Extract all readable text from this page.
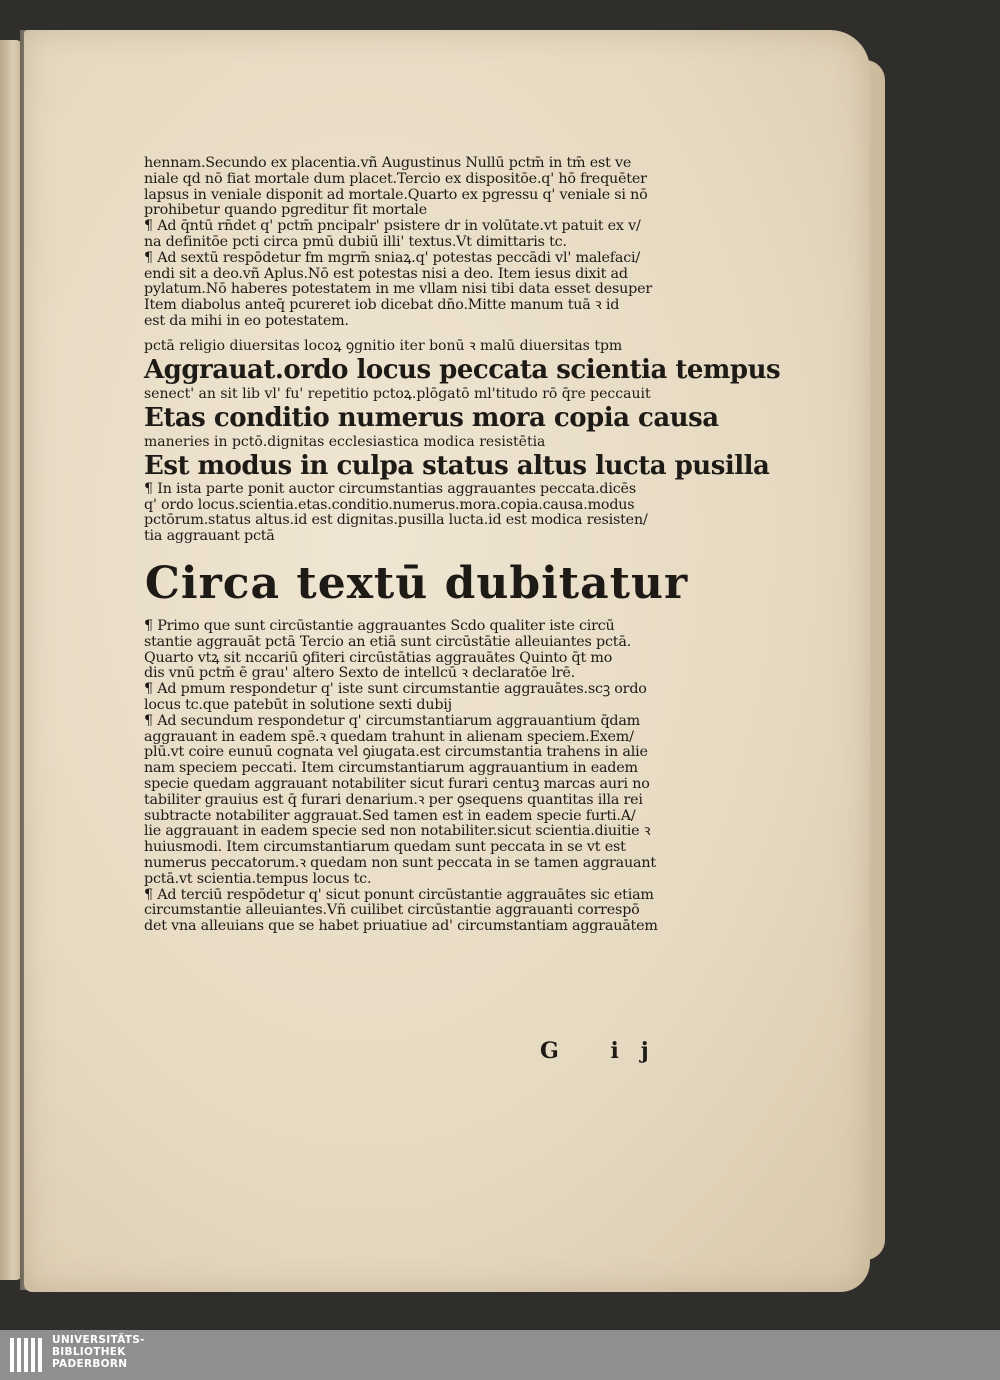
hennam.Secundo ex placentia.vñ Augustinus Nullū pctm̄ in tm̄ est ve
niale qd nō fiat mortale dum placet.Tercio ex dispositōe.q' hō frequēter
lapsus in veniale disponit ad mortale.Quarto ex pgressu q' veniale si nō
prohibetur quando pgreditur fit mortale
¶ Ad q̄ntū rn̄det q' pctm̄ pncipalr' psistere dr in volūtate.vt patuit ex v/
na definitōe pcti circa pmū dubiū illi' textus.Vt dimittaris tc.
¶ Ad sextū respōdetur fm mgrm̄ sniaꝝ.q' potestas peccādi vl' malefaci/
endi sit a deo.vñ Aplus.Nō est potestas nisi a deo. Item iesus dixit ad
pylatum.Nō haberes potestatem in me vllam nisi tibi data esset desuper
Item diabolus anteq̄ pcureret iob dicebat dn̄o.Mitte manum tuā ꝛ id
est da mihi in eo potestatem.
pctā religio diuersitas locoꝝ ꝯgnitio iter bonū ꝛ malū diuersitas tpm
Aggrauat.ordo locus peccata scientia tempus
senect' an sit lib vl' fu' repetitio pctoꝝ.plōgatō ml'titudo rō q̄re peccauit
Etas conditio numerus mora copia causa
maneries in pctō.dignitas ecclesiastica modica resistētia
Est modus in culpa status altus lucta pusilla
¶ In ista parte ponit auctor circumstantias aggrauantes peccata.dicēs
q' ordo locus.scientia.etas.conditio.numerus.mora.copia.causa.modus
pctōrum.status altus.id est dignitas.pusilla lucta.id est modica resisten/
tia aggrauant pctā
Circa textū dubitatur
¶ Primo que sunt circūstantie aggrauantes Scdo qualiter iste circū
stantie aggrauāt pctā Tercio an etiā sunt circūstātie alleuiantes pctā.
Quarto vtꝝ sit nccariū ꝯfiteri circūstātias aggrauātes Quinto q̄t mo
dis vnū pctm̄ ē grau' altero Sexto de intellcū ꝛ declaratōe lrē.
¶ Ad pmum respondetur q' iste sunt circumstantie aggrauātes.scꝫ ordo
locus tc.que patebūt in solutione sexti dubij
¶ Ad secundum respondetur q' circumstantiarum aggrauantium q̄dam
aggrauant in eadem spē.ꝛ quedam trahunt in alienam speciem.Exem/
plū.vt coire eunuū cognata vel ꝯiugata.est circumstantia trahens in alie
nam speciem peccati. Item circumstantiarum aggrauantium in eadem
specie quedam aggrauant notabiliter sicut furari centuꝫ marcas auri no
tabiliter grauius est q̄ furari denarium.ꝛ per ꝯsequens quantitas illa rei
subtracte notabiliter aggrauat.Sed tamen est in eadem specie furti.A/
lie aggrauant in eadem specie sed non notabiliter.sicut scientia.diuitie ꝛ
huiusmodi. Item circumstantiarum quedam sunt peccata in se vt est
numerus peccatorum.ꝛ quedam non sunt peccata in se tamen aggrauant
pctā.vt scientia.tempus locus tc.
¶ Ad terciū respōdetur q' sicut ponunt circūstantie aggrauātes sic etiam
circumstantie alleuiantes.Vñ cuilibet circūstantie aggrauanti correspō
det vna alleuians que se habet priuatiue ad' circumstantiam aggrauātem
G ij
UNIVERSITÄTS-
BIBLIOTHEK
PADERBORN
